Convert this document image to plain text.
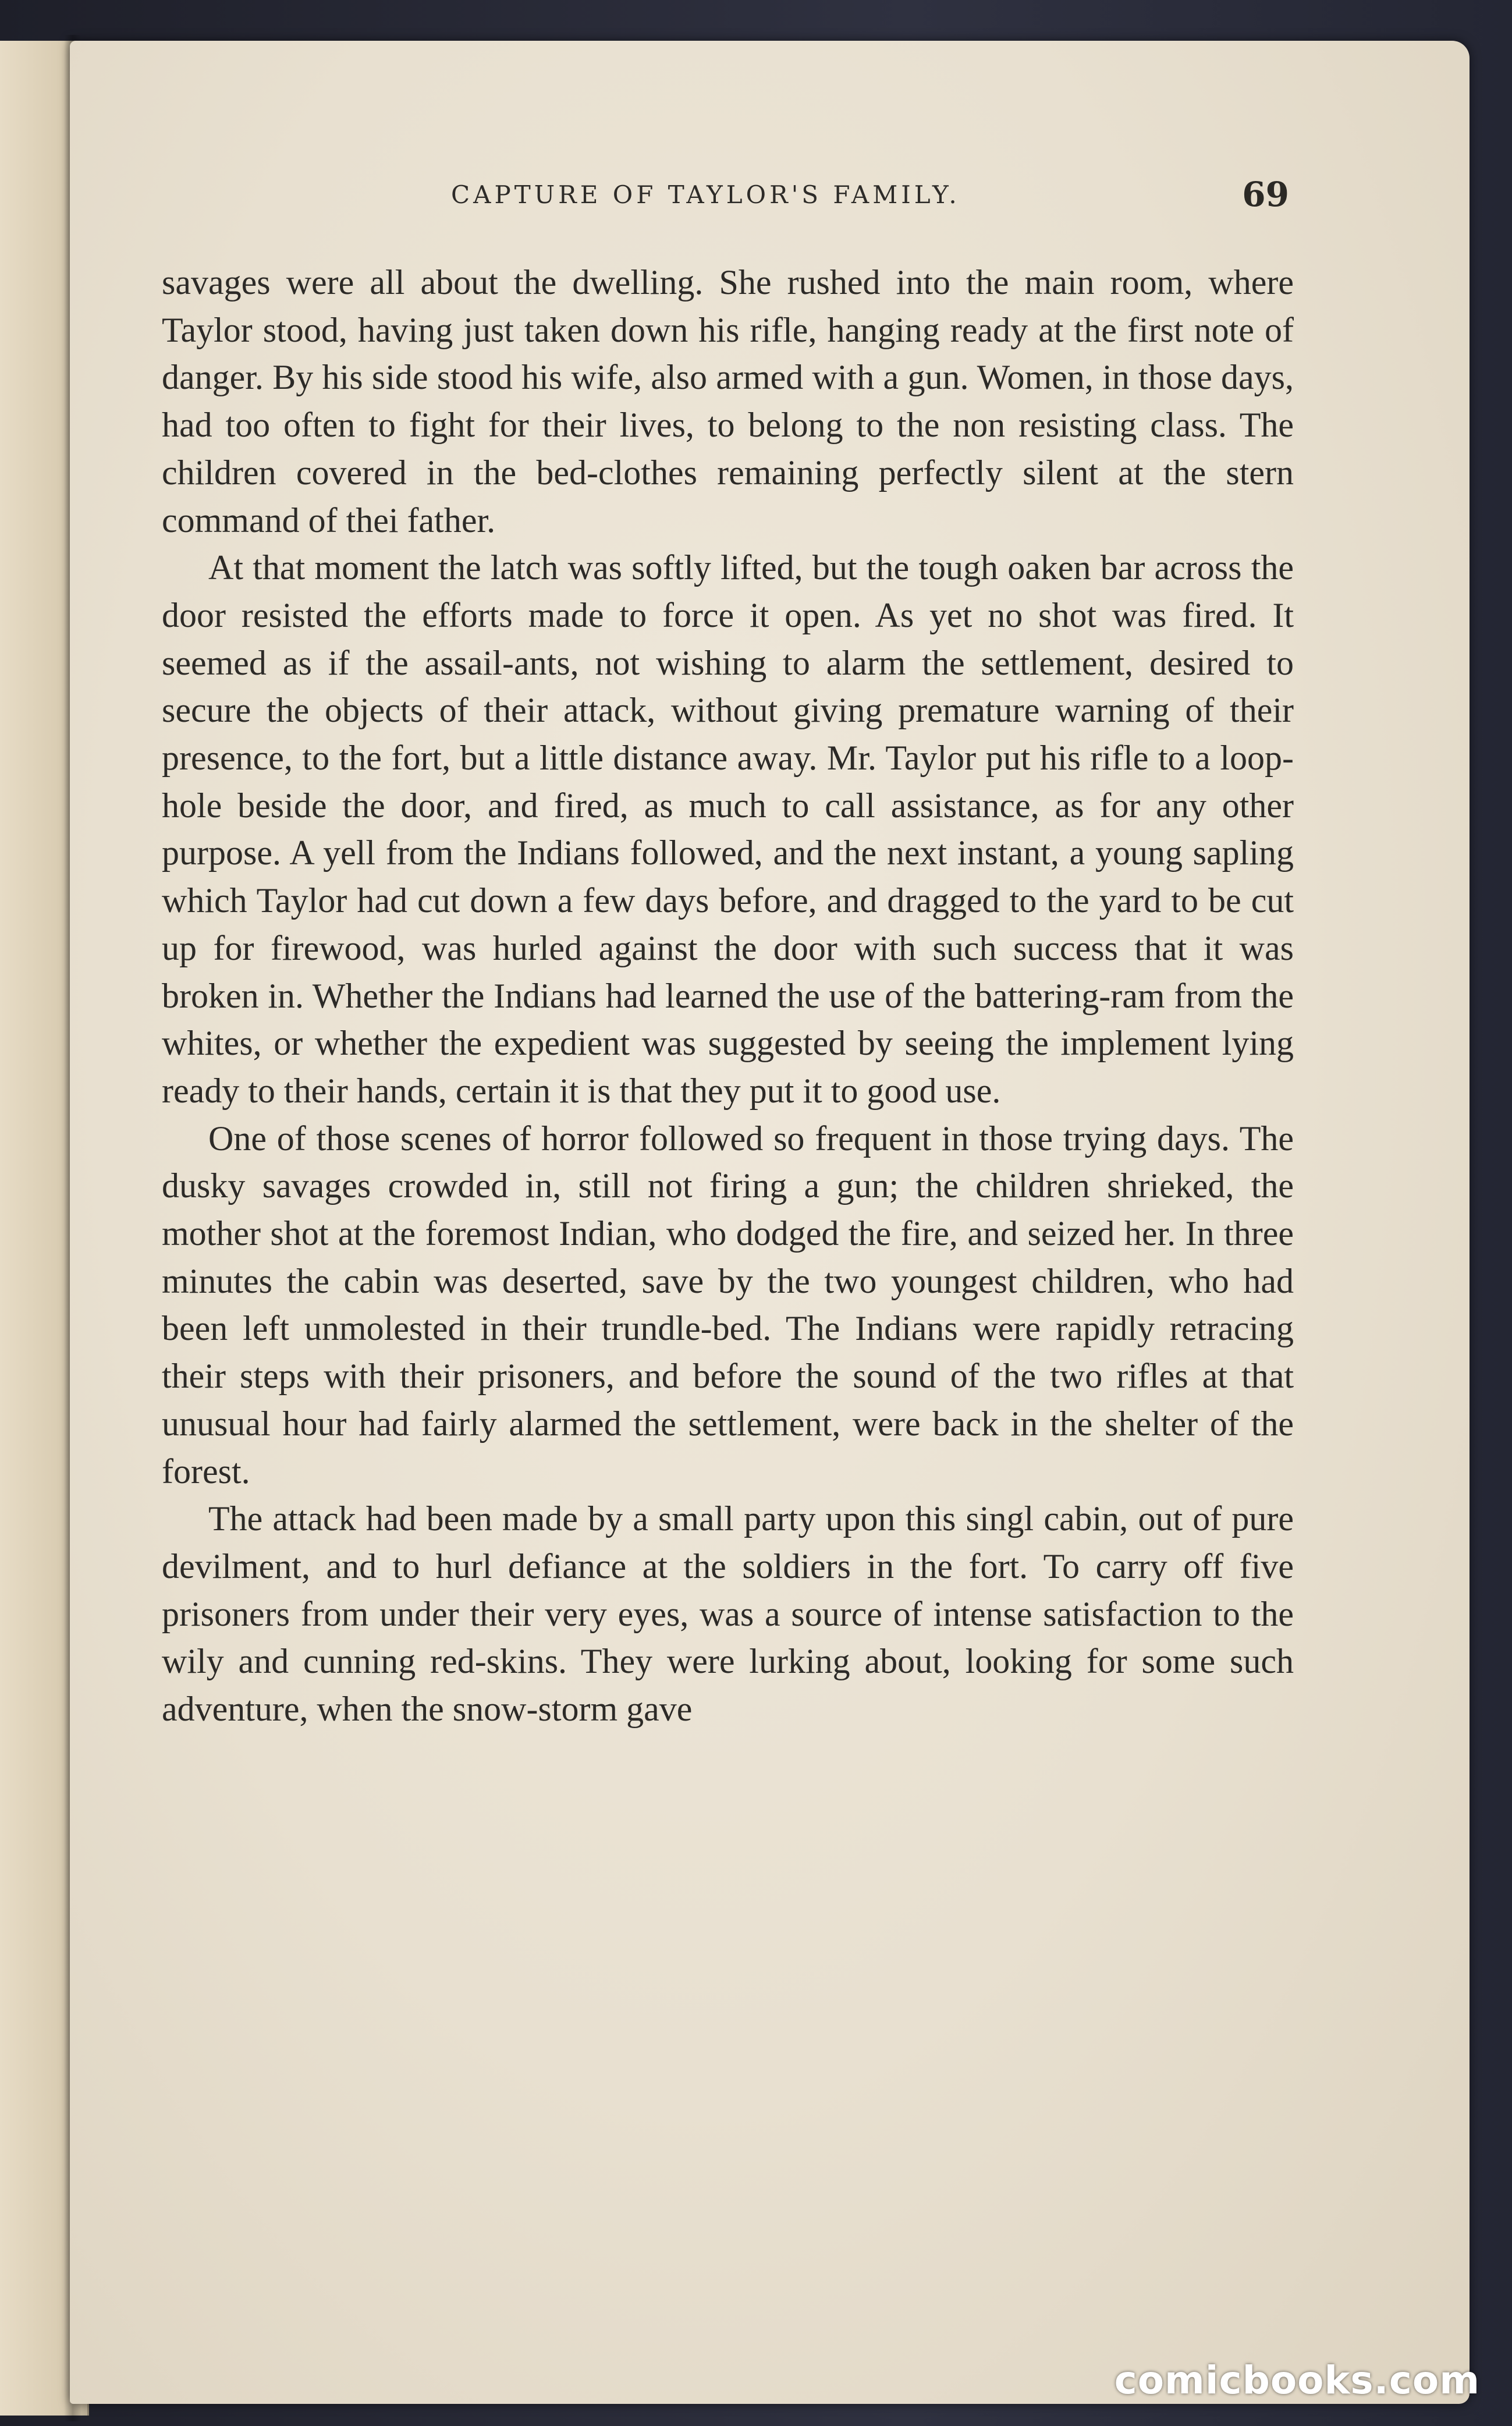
CAPTURE OF TAYLOR'S FAMILY.	69

savages were all about the dwelling. She rushed into the main room, where Taylor stood, having just taken down his rifle, hanging ready at the first note of danger. By his side stood his wife, also armed with a gun. Women, in those days, had too often to fight for their lives, to belong to the non resisting class. The children covered in the bed-clothes remaining perfectly silent at the stern command of thei father.

At that moment the latch was softly lifted, but the tough oaken bar across the door resisted the efforts made to force it open. As yet no shot was fired. It seemed as if the assail-ants, not wishing to alarm the settlement, desired to secure the objects of their attack, without giving premature warning of their presence, to the fort, but a little distance away. Mr. Taylor put his rifle to a loop-hole beside the door, and fired, as much to call assistance, as for any other purpose. A yell from the Indians followed, and the next instant, a young sapling which Taylor had cut down a few days before, and dragged to the yard to be cut up for firewood, was hurled against the door with such success that it was broken in. Whether the Indians had learned the use of the battering-ram from the whites, or whether the expedient was suggested by seeing the implement lying ready to their hands, certain it is that they put it to good use.

One of those scenes of horror followed so frequent in those trying days. The dusky savages crowded in, still not firing a gun; the children shrieked, the mother shot at the foremost Indian, who dodged the fire, and seized her. In three minutes the cabin was deserted, save by the two youngest children, who had been left unmolested in their trundle-bed. The Indians were rapidly retracing their steps with their prisoners, and before the sound of the two rifles at that unusual hour had fairly alarmed the settlement, were back in the shelter of the forest.

The attack had been made by a small party upon this singl cabin, out of pure devilment, and to hurl defiance at the soldiers in the fort. To carry off five prisoners from under their very eyes, was a source of intense satisfaction to the wily and cunning red-skins. They were lurking about, looking for some such adventure, when the snow-storm gave

comicbooks.com
